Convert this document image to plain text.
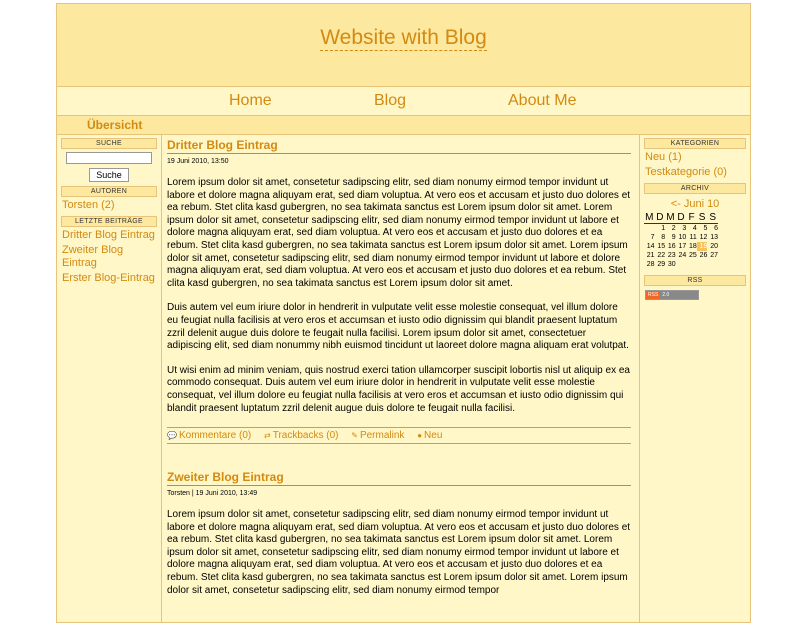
Website with Blog
Home	Blog	About Me
Übersicht
SUCHE
Suche
AUTOREN
Torsten (2)
LETZTE BEITRÄGE
Dritter Blog Eintrag
Zweiter Blog Eintrag
Erster Blog-Eintrag
Dritter Blog Eintrag
19 Juni 2010, 13:50
Lorem ipsum dolor sit amet, consetetur sadipscing elitr, sed diam nonumy eirmod tempor invidunt ut labore et dolore magna aliquyam erat, sed diam voluptua. At vero eos et accusam et justo duo dolores et ea rebum. Stet clita kasd gubergren, no sea takimata sanctus est Lorem ipsum dolor sit amet. Lorem ipsum dolor sit amet, consetetur sadipscing elitr, sed diam nonumy eirmod tempor invidunt ut labore et dolore magna aliquyam erat, sed diam voluptua. At vero eos et accusam et justo duo dolores et ea rebum. Stet clita kasd gubergren, no sea takimata sanctus est Lorem ipsum dolor sit amet. Lorem ipsum dolor sit amet, consetetur sadipscing elitr, sed diam nonumy eirmod tempor invidunt ut labore et dolore magna aliquyam erat, sed diam voluptua. At vero eos et accusam et justo duo dolores et ea rebum. Stet clita kasd gubergren, no sea takimata sanctus est Lorem ipsum dolor sit amet.
Duis autem vel eum iriure dolor in hendrerit in vulputate velit esse molestie consequat, vel illum dolore eu feugiat nulla facilisis at vero eros et accumsan et iusto odio dignissim qui blandit praesent luptatum zzril delenit augue duis dolore te feugait nulla facilisi. Lorem ipsum dolor sit amet, consectetuer adipiscing elit, sed diam nonummy nibh euismod tincidunt ut laoreet dolore magna aliquam erat volutpat.
Ut wisi enim ad minim veniam, quis nostrud exerci tation ullamcorper suscipit lobortis nisl ut aliquip ex ea commodo consequat. Duis autem vel eum iriure dolor in hendrerit in vulputate velit esse molestie consequat, vel illum dolore eu feugiat nulla facilisis at vero eros et accumsan et iusto odio dignissim qui blandit praesent luptatum zzril delenit augue duis dolore te feugait nulla facilisi.
💬 Kommentare (0) ⇄ Trackbacks (0) ✎ Permalink ● Neu
Zweiter Blog Eintrag
Torsten | 19 Juni 2010, 13:49
Lorem ipsum dolor sit amet, consetetur sadipscing elitr, sed diam nonumy eirmod tempor invidunt ut labore et dolore magna aliquyam erat, sed diam voluptua. At vero eos et accusam et justo duo dolores et ea rebum. Stet clita kasd gubergren, no sea takimata sanctus est Lorem ipsum dolor sit amet. Lorem ipsum dolor sit amet, consetetur sadipscing elitr, sed diam nonumy eirmod tempor invidunt ut labore et dolore magna aliquyam erat, sed diam voluptua. At vero eos et accusam et justo duo dolores et ea rebum. Stet clita kasd gubergren, no sea takimata sanctus est Lorem ipsum dolor sit amet. Lorem ipsum dolor sit amet, consetetur sadipscing elitr, sed diam nonumy eirmod tempor
KATEGORIEN
Neu (1)
Testkategorie (0)
ARCHIV
<- Juni 10
M	D	M	D	F	S	S
	1	2	3	4	5	6
7	8	9	10	11	12	13
14	15	16	17	18	19	20
21	22	23	24	25	26	27
28	29	30				
RSS
RSS 2.0
